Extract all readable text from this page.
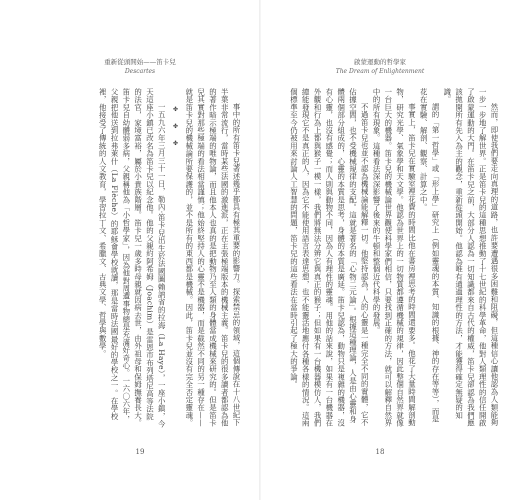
重新從頭開始——笛卡兒
Descartes

事中的所有笛卡兒著述幾乎都具有極其重要的影響力。探索禁忌的領域，這個傳說在十八世紀下半葉非常流行，當時某些法國的激進派，正在主張極端版本的機械主義。笛卡兒的很多讀者都認為他的著作暗示極端的唯物論，而且他本人也真的是把動物乃至人類的身體當成機械來研究的。但是笛卡兒其實對那些極端的看法相當謹慎；他始終堅持人的心靈不是機器，而是截然不同的另一種存在——就是笛卡兒的機械論所要保護的，並不是所有的東西都是機械。因此，笛卡兒並沒有完全否定靈魂。

✤ ✤ ✤

一五九六年三月三十一日，勒內‧笛卡兒出生於法國圖賴訥省的拉海（La Haye），一座小鎮，今天這座小鎮已改名為笛卡兒以紀念他。他的父親約阿希姆（Joachim）是雷恩市布列塔尼高等法院的法官，家境富裕，屬於小貴族階層。笛卡兒一歲多時母親就因病去世，由外祖母和保姆撫養長大。笛卡兒自幼體弱多病，父親稱他為「小哲學家」，因為他對周遭事物總是充滿好奇心。一六〇六年，父親把他送到拉弗萊什（La Flèche）的耶穌會學校就讀，那是當時法國最好的學校之一。在學校裡，他接受了傳統的人文教育，學習拉丁文、希臘文、古典文學、哲學與數學。

19
啟蒙運動的哲學家
The Dream of Enlightenment

然而，即使我們要走向真理的道路，也許要遭遇很多困難和阻礙，但這種信心讓他認為人類能夠一步一步地了解世界。正是笛卡兒的這種思想推動了十七世紀的科學革命，他對人類理性的信任開啟了啟蒙運動的大門。在笛卡兒之前，大部分人認為一切知識都來自古代的權威，笛卡兒卻認為我們應該拋開所有先入為主的觀念，重新從頭開始。他認為唯有通過理性的方法，才能獲得確定無疑的知識。

謂的「第一哲學」或「形上學」研究上（例如靈魂的本質、知識的根據、神的存在等等），而是花在實驗、解剖、觀察、計算之中。

事實上，笛卡兒在實驗室裡花費的時間比他在書房裡思考的時間還要多。他花了大量時間解剖動物，研究光學、氣象學和天文學。他認為世界上的一切物質都遵循機械的規律，因此整個自然界就像一台巨大的機器。笛卡兒的機械論世界觀使科學家們相信，只要找到正確的方法，就可以解釋自然界中的所有現象。這種看法深深影響了後來的牛頓和整個近代科學的發展。

不過笛卡兒也並不認為機械論能解釋一切。他堅持認為，人的心靈是一種完全不同的實體，它不佔據空間，也不受機械規律的支配。這就是著名的「心物二元論」。根據這種理論，人是由心靈和身體兩個部分組成的，心靈的本質是思考，身體的本質是廣延。笛卡兒認為，動物只是複雜的機器，沒有心靈，也沒有感覺；而人則與動物不同，因為人有理性的靈魂。用他的話來說，如果有一台機器在外觀和行為上都與猴子一模一樣，我們將無法分辨它與真正的猴子；但如果有一台機器模仿人，我們總能發現它不是真正的人，因為它不能使用語言表達思想，也不能靈活地應付各種各樣的情況。這兩個標準至今仍被用來討論人工智慧的問題，笛卡兒的這些看法在當時引起了極大的爭論。

18
